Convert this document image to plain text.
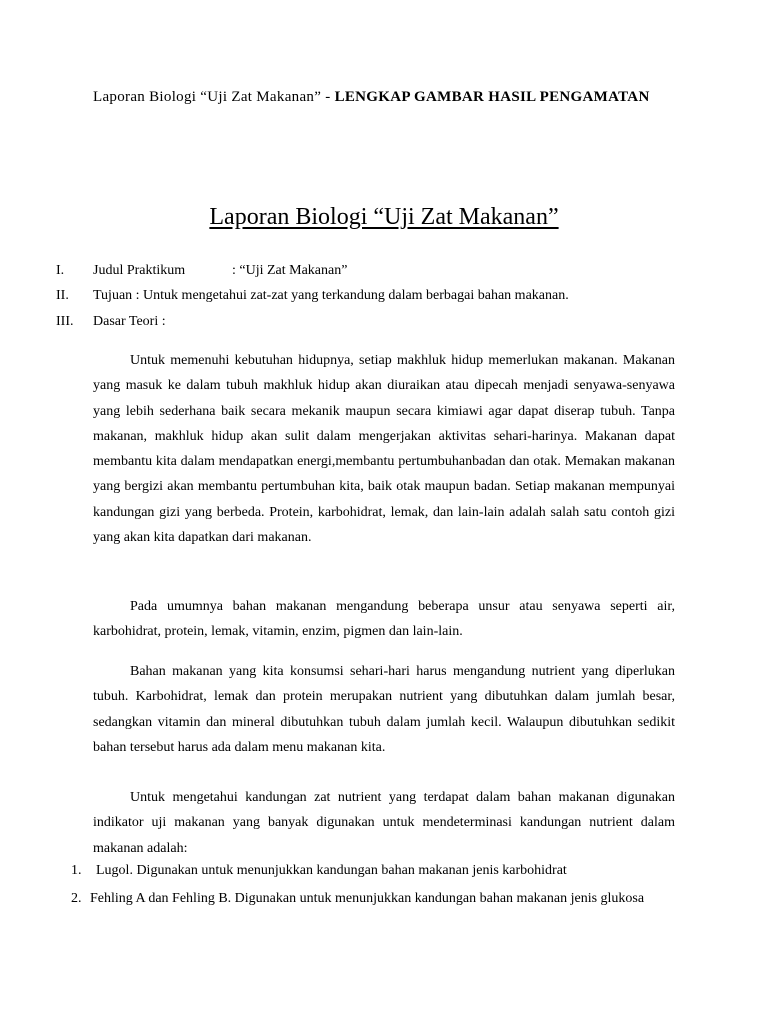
Laporan Biologi “Uji Zat Makanan” - LENGKAP GAMBAR HASIL PENGAMATAN
Laporan Biologi “Uji Zat Makanan”
I. Judul Praktikum	: “Uji Zat Makanan”
II. Tujuan : Untuk mengetahui zat-zat yang terkandung dalam berbagai bahan makanan.
III. Dasar Teori :

Untuk memenuhi kebutuhan hidupnya, setiap makhluk hidup memerlukan makanan. Makanan yang masuk ke dalam tubuh makhluk hidup akan diuraikan atau dipecah menjadi senyawa-senyawa yang lebih sederhana baik secara mekanik maupun secara kimiawi agar dapat diserap tubuh. Tanpa makanan, makhluk hidup akan sulit dalam mengerjakan aktivitas sehari-harinya. Makanan dapat membantu kita dalam mendapatkan energi,membantu pertumbuhanbadan dan otak. Memakan makanan yang bergizi akan membantu pertumbuhan kita, baik otak maupun badan. Setiap makanan mempunyai kandungan gizi yang berbeda. Protein, karbohidrat, lemak, dan lain-lain adalah salah satu contoh gizi yang akan kita dapatkan dari makanan.

Pada umumnya bahan makanan mengandung beberapa unsur atau senyawa seperti air, karbohidrat, protein, lemak, vitamin, enzim, pigmen dan lain-lain.

Bahan makanan yang kita konsumsi sehari-hari harus mengandung nutrient yang diperlukan tubuh. Karbohidrat, lemak dan protein merupakan nutrient yang dibutuhkan dalam jumlah besar, sedangkan vitamin dan mineral dibutuhkan tubuh dalam jumlah kecil. Walaupun dibutuhkan sedikit bahan tersebut harus ada dalam menu makanan kita.

Untuk mengetahui kandungan zat nutrient yang terdapat dalam bahan makanan digunakan indikator uji makanan yang banyak digunakan untuk mendeterminasi kandungan nutrient dalam makanan adalah:

1. Lugol. Digunakan untuk menunjukkan kandungan bahan makanan jenis karbohidrat
2. Fehling A dan Fehling B. Digunakan untuk menunjukkan kandungan bahan makanan jenis glukosa
